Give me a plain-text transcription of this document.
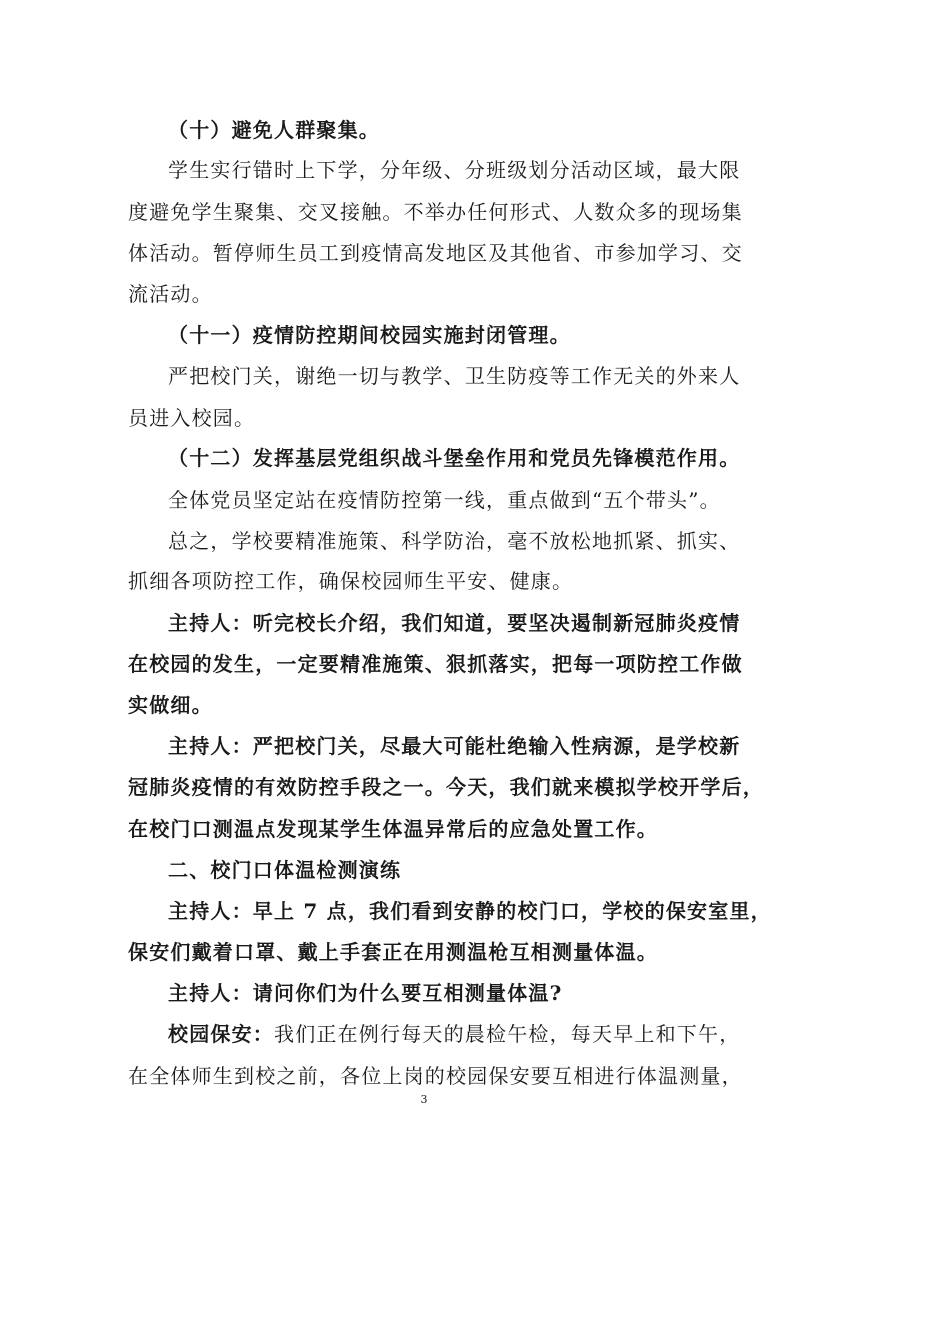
（十）避免人群聚集。
学生实行错时上下学，分年级、分班级划分活动区域，最大限
度避免学生聚集、交叉接触。不举办任何形式、人数众多的现场集
体活动。暂停师生员工到疫情高发地区及其他省、市参加学习、交
流活动。
（十一）疫情防控期间校园实施封闭管理。
严把校门关，谢绝一切与教学、卫生防疫等工作无关的外来人
员进入校园。
（十二）发挥基层党组织战斗堡垒作用和党员先锋模范作用。
全体党员坚定站在疫情防控第一线，重点做到“五个带头”。
总之，学校要精准施策、科学防治，毫不放松地抓紧、抓实、
抓细各项防控工作，确保校园师生平安、健康。
主持人：听完校长介绍，我们知道，要坚决遏制新冠肺炎疫情
在校园的发生，一定要精准施策、狠抓落实，把每一项防控工作做
实做细。
主持人：严把校门关，尽最大可能杜绝输入性病源，是学校新
冠肺炎疫情的有效防控手段之一。今天，我们就来模拟学校开学后，
在校门口测温点发现某学生体温异常后的应急处置工作。
二、校门口体温检测演练
主持人：早上 7 点，我们看到安静的校门口，学校的保安室里，
保安们戴着口罩、戴上手套正在用测温枪互相测量体温。
主持人：请问你们为什么要互相测量体温?
校园保安：我们正在例行每天的晨检午检，每天早上和下午，
在全体师生到校之前，各位上岗的校园保安要互相进行体温测量，
3
